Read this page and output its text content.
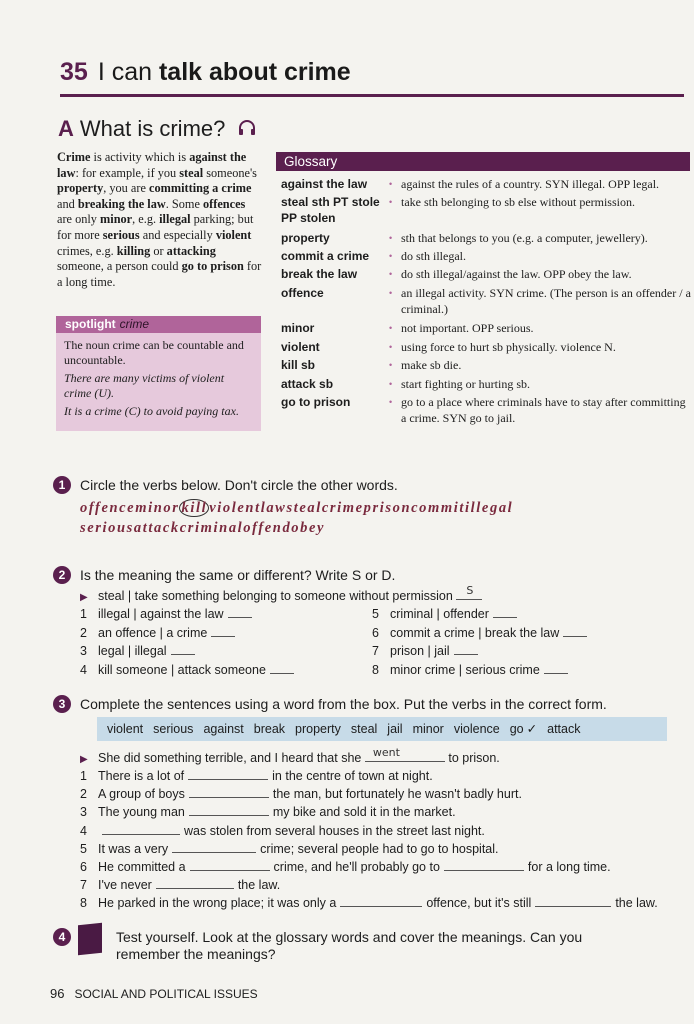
35 I can talk about crime
A What is crime?
Crime is activity which is against the law: for example, if you steal someone's property, you are committing a crime and breaking the law. Some offences are only minor, e.g. illegal parking; but for more serious and especially violent crimes, e.g. killing or attacking someone, a person could go to prison for a long time.
spotlight crime
The noun crime can be countable and uncountable.
There are many victims of violent crime (U).
It is a crime (C) to avoid paying tax.
Glossary
against the law	• against the rules of a country. SYN illegal. OPP legal.
steal sth PT stole PP stolen
• take sth belonging to sb else without permission.
property	• sth that belongs to you (e.g. a computer, jewellery).
commit a crime	• do sth illegal.
break the law	• do sth illegal/against the law. OPP obey the law.
offence	• an illegal activity. SYN crime. (The person is an offender / a criminal.)
minor	• not important. OPP serious.
violent	• using force to hurt sb physically. violence N.
kill sb	• make sb die.
attack sb	• start fighting or hurting sb.
go to prison	• go to a place where criminals have to stay after committing a crime. SYN go to jail.
1	Circle the verbs below. Don't circle the other words.
offenceminor kill violentlawstealcrimeprisoncommitillegal
seriousattackcriminaloffendobey
2	Is the meaning the same or different? Write S or D.
▶ steal | take something belonging to someone without permission S
1 illegal | against the law
2 an offence | a crime
3 legal | illegal
4 kill someone | attack someone
5 criminal | offender
6 commit a crime | break the law
7 prison | jail
8 minor crime | serious crime
3	Complete the sentences using a word from the box. Put the verbs in the correct form.
violent serious against break property steal jail minor violence go ✓ attack
▶ She did something terrible, and I heard that she went	to prison.
1 There is a lot of	in the centre of town at night.
2 A group of boys	the man, but fortunately he wasn't badly hurt.
3 The young man	my bike and sold it in the market.
4	was stolen from several houses in the street last night.
5 It was a very	crime; several people had to go to hospital.
6 He committed a	crime, and he'll probably go to	for a long time.
7 I've never	the law.
8 He parked in the wrong place; it was only a	offence, but it's still	the law.
4	Test yourself. Look at the glossary words and cover the meanings. Can you remember the meanings?
96 SOCIAL AND POLITICAL ISSUES
